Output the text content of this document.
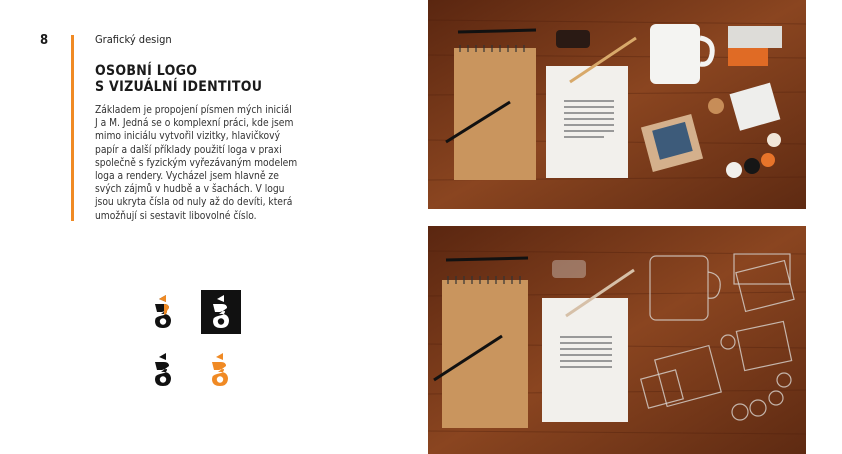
8	Grafický design
OSOBNÍ LOGO
S VIZUÁLNÍ IDENTITOU
Základem je propojení písmen mých iniciál
J a M. Jedná se o komplexní práci, kde jsem
mimo iniciálu vytvořil vizitky, hlavičkový
papír a další příklady použití loga v praxi
společně s fyzickým vyřezávaným modelem
loga a rendery. Vycházel jsem hlavně ze
svých zájmů v hudbě a v šachách. V logu
jsou ukryta čísla od nuly až do devíti, která
umožňují si sestavit libovolné číslo.
